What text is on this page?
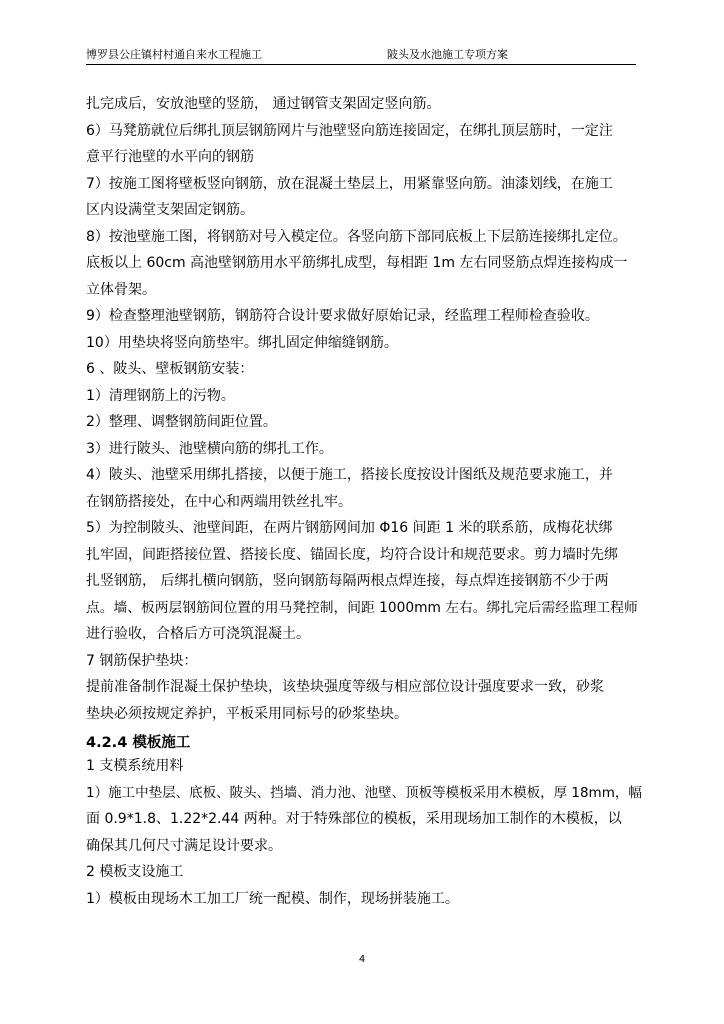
博罗县公庄镇村村通自来水工程施工	陂头及水池施工专项方案
扎完成后，安放池壁的竖筋， 通过钢管支架固定竖向筋。
6）马凳筋就位后绑扎顶层钢筋网片与池壁竖向筋连接固定，在绑扎顶层筋时，一定注
意平行池壁的水平向的钢筋
7）按施工图将壁板竖向钢筋，放在混凝土垫层上，用紧靠竖向筋。油漆划线，在施工
区内设满堂支架固定钢筋。
8）按池壁施工图，将钢筋对号入模定位。各竖向筋下部同底板上下层筋连接绑扎定位。
底板以上 60cm 高池壁钢筋用水平筋绑扎成型，每相距 1m 左右同竖筋点焊连接构成一
立体骨架。
9）检查整理池壁钢筋，钢筋符合设计要求做好原始记录，经监理工程师检查验收。
10）用垫块将竖向筋垫牢。绑扎固定伸缩缝钢筋。
6 、陂头、壁板钢筋安装：
1）清理钢筋上的污物。
2）整理、调整钢筋间距位置。
3）进行陂头、池壁横向筋的绑扎工作。
4）陂头、池壁采用绑扎搭接，以便于施工，搭接长度按设计图纸及规范要求施工，并
在钢筋搭接处，在中心和两端用铁丝扎牢。
5）为控制陂头、池壁间距，在两片钢筋网间加 Φ16 间距 1 米的联系筋，成梅花状绑
扎牢固，间距搭接位置、搭接长度、锚固长度，均符合设计和规范要求。剪力墙时先绑
扎竖钢筋， 后绑扎横向钢筋，竖向钢筋每隔两根点焊连接，每点焊连接钢筋不少于两
点。墙、板两层钢筋间位置的用马凳控制，间距 1000mm 左右。绑扎完后需经监理工程师
进行验收，合格后方可浇筑混凝土。
7 钢筋保护垫块：
提前准备制作混凝土保护垫块，该垫块强度等级与相应部位设计强度要求一致，砂浆
垫块必须按规定养护，平板采用同标号的砂浆垫块。
4.2.4 模板施工
1 支模系统用料
1）施工中垫层、底板、陂头、挡墙、消力池、池壁、顶板等模板采用木模板，厚 18mm，幅
面 0.9*1.8、1.22*2.44 两种。对于特殊部位的模板，采用现场加工制作的木模板，以
确保其几何尺寸满足设计要求。
2 模板支设施工
1）模板由现场木工加工厂统一配模、制作，现场拼装施工。
4
